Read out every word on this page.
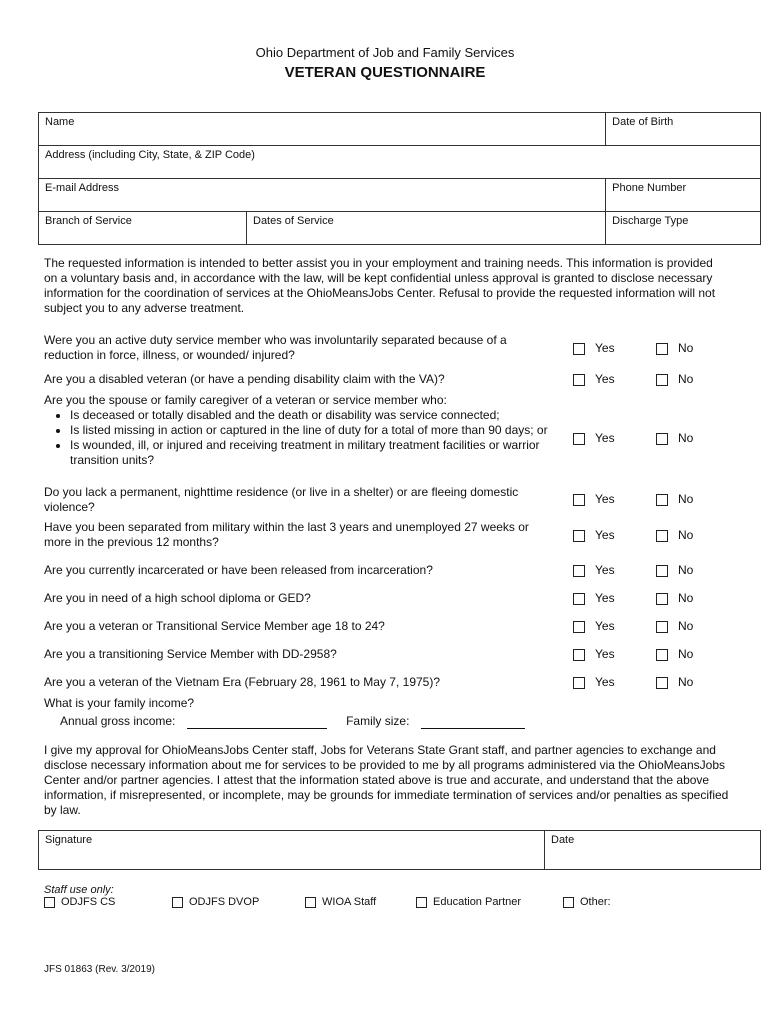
Ohio Department of Job and Family Services
VETERAN QUESTIONNAIRE
Name		Date of Birth
Address (including City, State, & ZIP Code)		
E-mail Address		Phone Number
Branch of Service	Dates of Service	Discharge Type
The requested information is intended to better assist you in your employment and training needs. This information is provided on a voluntary basis and, in accordance with the law, will be kept confidential unless approval is granted to disclose necessary information for the coordination of services at the OhioMeansJobs Center. Refusal to provide the requested information will not subject you to any adverse treatment.
Were you an active duty service member who was involuntarily separated because of a reduction in force, illness, or wounded/ injured?	Yes	No
Are you a disabled veteran (or have a pending disability claim with the VA)?	Yes	No
Are you the spouse or family caregiver of a veteran or service member who:
• Is deceased or totally disabled and the death or disability was service connected;
• Is listed missing in action or captured in the line of duty for a total of more than 90 days; or
• Is wounded, ill, or injured and receiving treatment in military treatment facilities or warrior transition units?
Yes	No
Do you lack a permanent, nighttime residence (or live in a shelter) or are fleeing domestic violence?
Yes	No
Have you been separated from military within the last 3 years and unemployed 27 weeks or more in the previous 12 months?	Yes	No
Are you currently incarcerated or have been released from incarceration?	Yes	No
Are you in need of a high school diploma or GED?	Yes	No
Are you a veteran or Transitional Service Member age 18 to 24?	Yes	No
Are you a transitioning Service Member with DD-2958?	Yes	No
Are you a veteran of the Vietnam Era (February 28, 1961 to May 7, 1975)?	Yes	No
What is your family income?
Annual gross income:	Family size:
I give my approval for OhioMeansJobs Center staff, Jobs for Veterans State Grant staff, and partner agencies to exchange and disclose necessary information about me for services to be provided to me by all programs administered via the OhioMeansJobs Center and/or partner agencies. I attest that the information stated above is true and accurate, and understand that the above information, if misrepresented, or incomplete, may be grounds for immediate termination of services and/or penalties as specified by law.
Signature	Date
Staff use only:
ODJFS CS	ODJFS DVOP	WIOA Staff	Education Partner	Other:
JFS 01863 (Rev. 3/2019)
